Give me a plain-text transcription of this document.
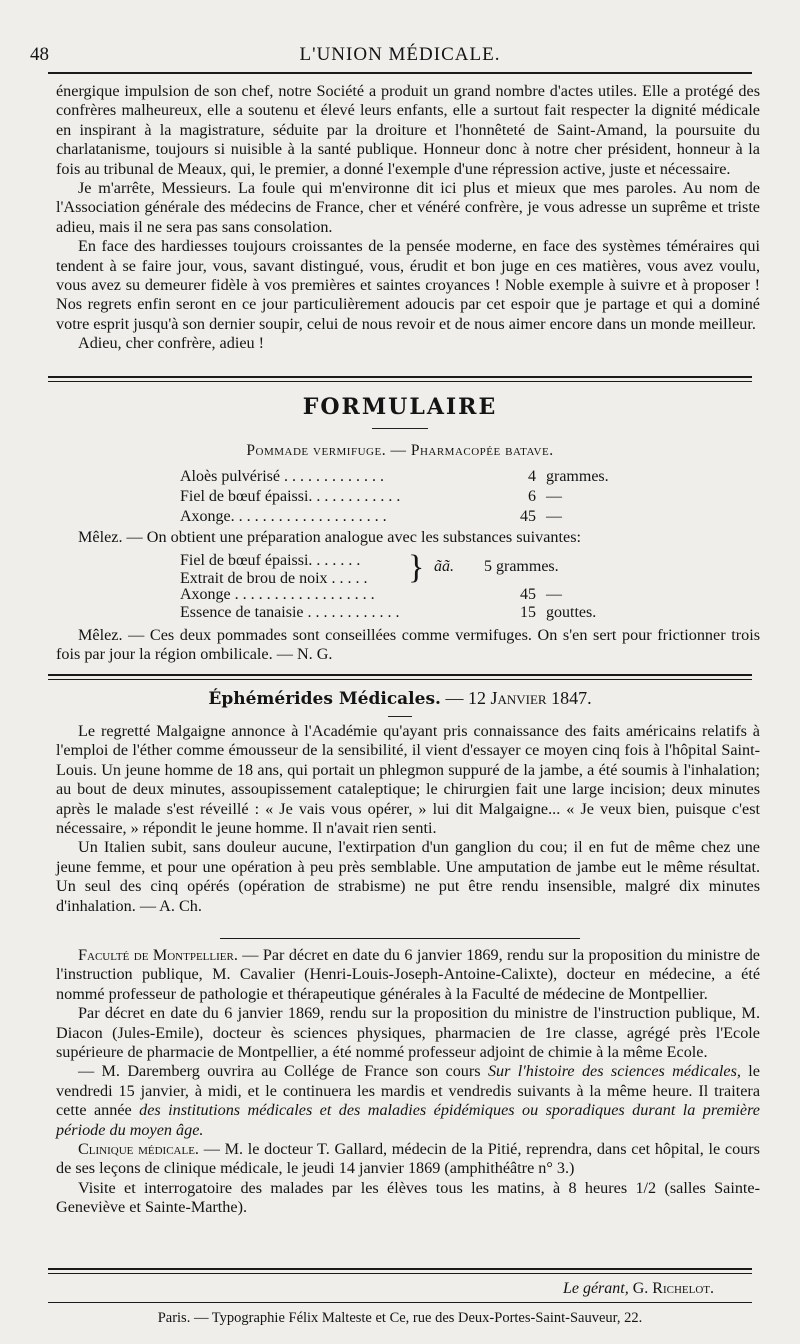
48	L'UNION MÉDICALE.

énergique impulsion de son chef, notre Société a produit un grand nombre d'actes utiles. Elle a protégé des confrères malheureux, elle a soutenu et élevé leurs enfants, elle a surtout fait respecter la dignité médicale en inspirant à la magistrature, séduite par la droiture et l'honnêteté de Saint-Amand, la poursuite du charlatanisme, toujours si nuisible à la santé publique. Honneur donc à notre cher président, honneur à la fois au tribunal de Meaux, qui, le premier, a donné l'exemple d'une répression active, juste et nécessaire.

Je m'arrête, Messieurs. La foule qui m'environne dit ici plus et mieux que mes paroles. Au nom de l'Association générale des médecins de France, cher et vénéré confrère, je vous adresse un suprême et triste adieu, mais il ne sera pas sans consolation.

En face des hardiesses toujours croissantes de la pensée moderne, en face des systèmes téméraires qui tendent à se faire jour, vous, savant distingué, vous, érudit et bon juge en ces matières, vous avez voulu, vous avez su demeurer fidèle à vos premières et saintes croyances ! Noble exemple à suivre et à proposer ! Nos regrets enfin seront en ce jour particulièrement adoucis par cet espoir que je partage et qui a dominé votre esprit jusqu'à son dernier soupir, celui de nous revoir et de nous aimer encore dans un monde meilleur.

Adieu, cher confrère, adieu !

FORMULAIRE
Pommade vermifuge. — Pharmacopée batave.
Aloès pulvérisé . . . . . . . . . . . . .	4 grammes.
Fiel de bœuf épaissi. . . . . . . . . . . .	6 —
Axonge. . . . . . . . . . . . . . . . . . . .	45 —

Mêlez. — On obtient une préparation analogue avec les substances suivantes:

Fiel de bœuf épaissi. . . . . . .
Extrait de brou de noix . . . . . } ãã. 5 grammes.
Axonge . . . . . . . . . . . . . . . . . .	45 —
Essence de tanaisie . . . . . . . . . . . .	15 gouttes.

Mêlez. — Ces deux pommades sont conseillées comme vermifuges. On s'en sert pour frictionner trois fois par jour la région ombilicale. — N. G.

Éphémérides Médicales. — 12 Janvier 1847.

Le regretté Malgaigne annonce à l'Académie qu'ayant pris connaissance des faits américains relatifs à l'emploi de l'éther comme émousseur de la sensibilité, il vient d'essayer ce moyen cinq fois à l'hôpital Saint-Louis. Un jeune homme de 18 ans, qui portait un phlegmon suppuré de la jambe, a été soumis à l'inhalation; au bout de deux minutes, assoupissement cataleptique; le chirurgien fait une large incision; deux minutes après le malade s'est réveillé : « Je vais vous opérer, » lui dit Malgaigne... « Je veux bien, puisque c'est nécessaire, » répondit le jeune homme. Il n'avait rien senti.

Un Italien subit, sans douleur aucune, l'extirpation d'un ganglion du cou; il en fut de même chez une jeune femme, et pour une opération à peu près semblable. Une amputation de jambe eut le même résultat. Un seul des cinq opérés (opération de strabisme) ne put être rendu insensible, malgré dix minutes d'inhalation. — A. Ch.

Faculté de Montpellier. — Par décret en date du 6 janvier 1869, rendu sur la proposition du ministre de l'instruction publique, M. Cavalier (Henri-Louis-Joseph-Antoine-Calixte), docteur en médecine, a été nommé professeur de pathologie et thérapeutique générales à la Faculté de médecine de Montpellier.

Par décret en date du 6 janvier 1869, rendu sur la proposition du ministre de l'instruction publique, M. Diacon (Jules-Emile), docteur ès sciences physiques, pharmacien de 1re classe, agrégé près l'Ecole supérieure de pharmacie de Montpellier, a été nommé professeur adjoint de chimie à la même Ecole.

— M. Daremberg ouvrira au Collége de France son cours Sur l'histoire des sciences médicales, le vendredi 15 janvier, à midi, et le continuera les mardis et vendredis suivants à la même heure. Il traitera cette année des institutions médicales et des maladies épidémiques ou sporadiques durant la première période du moyen âge.

Clinique médicale. — M. le docteur T. Gallard, médecin de la Pitié, reprendra, dans cet hôpital, le cours de ses leçons de clinique médicale, le jeudi 14 janvier 1869 (amphithéâtre n° 3.)

Visite et interrogatoire des malades par les élèves tous les matins, à 8 heures 1/2 (salles Sainte-Geneviève et Sainte-Marthe).

Le gérant, G. Richelot.
Paris. — Typographie Félix Malteste et Ce, rue des Deux-Portes-Saint-Sauveur, 22.
